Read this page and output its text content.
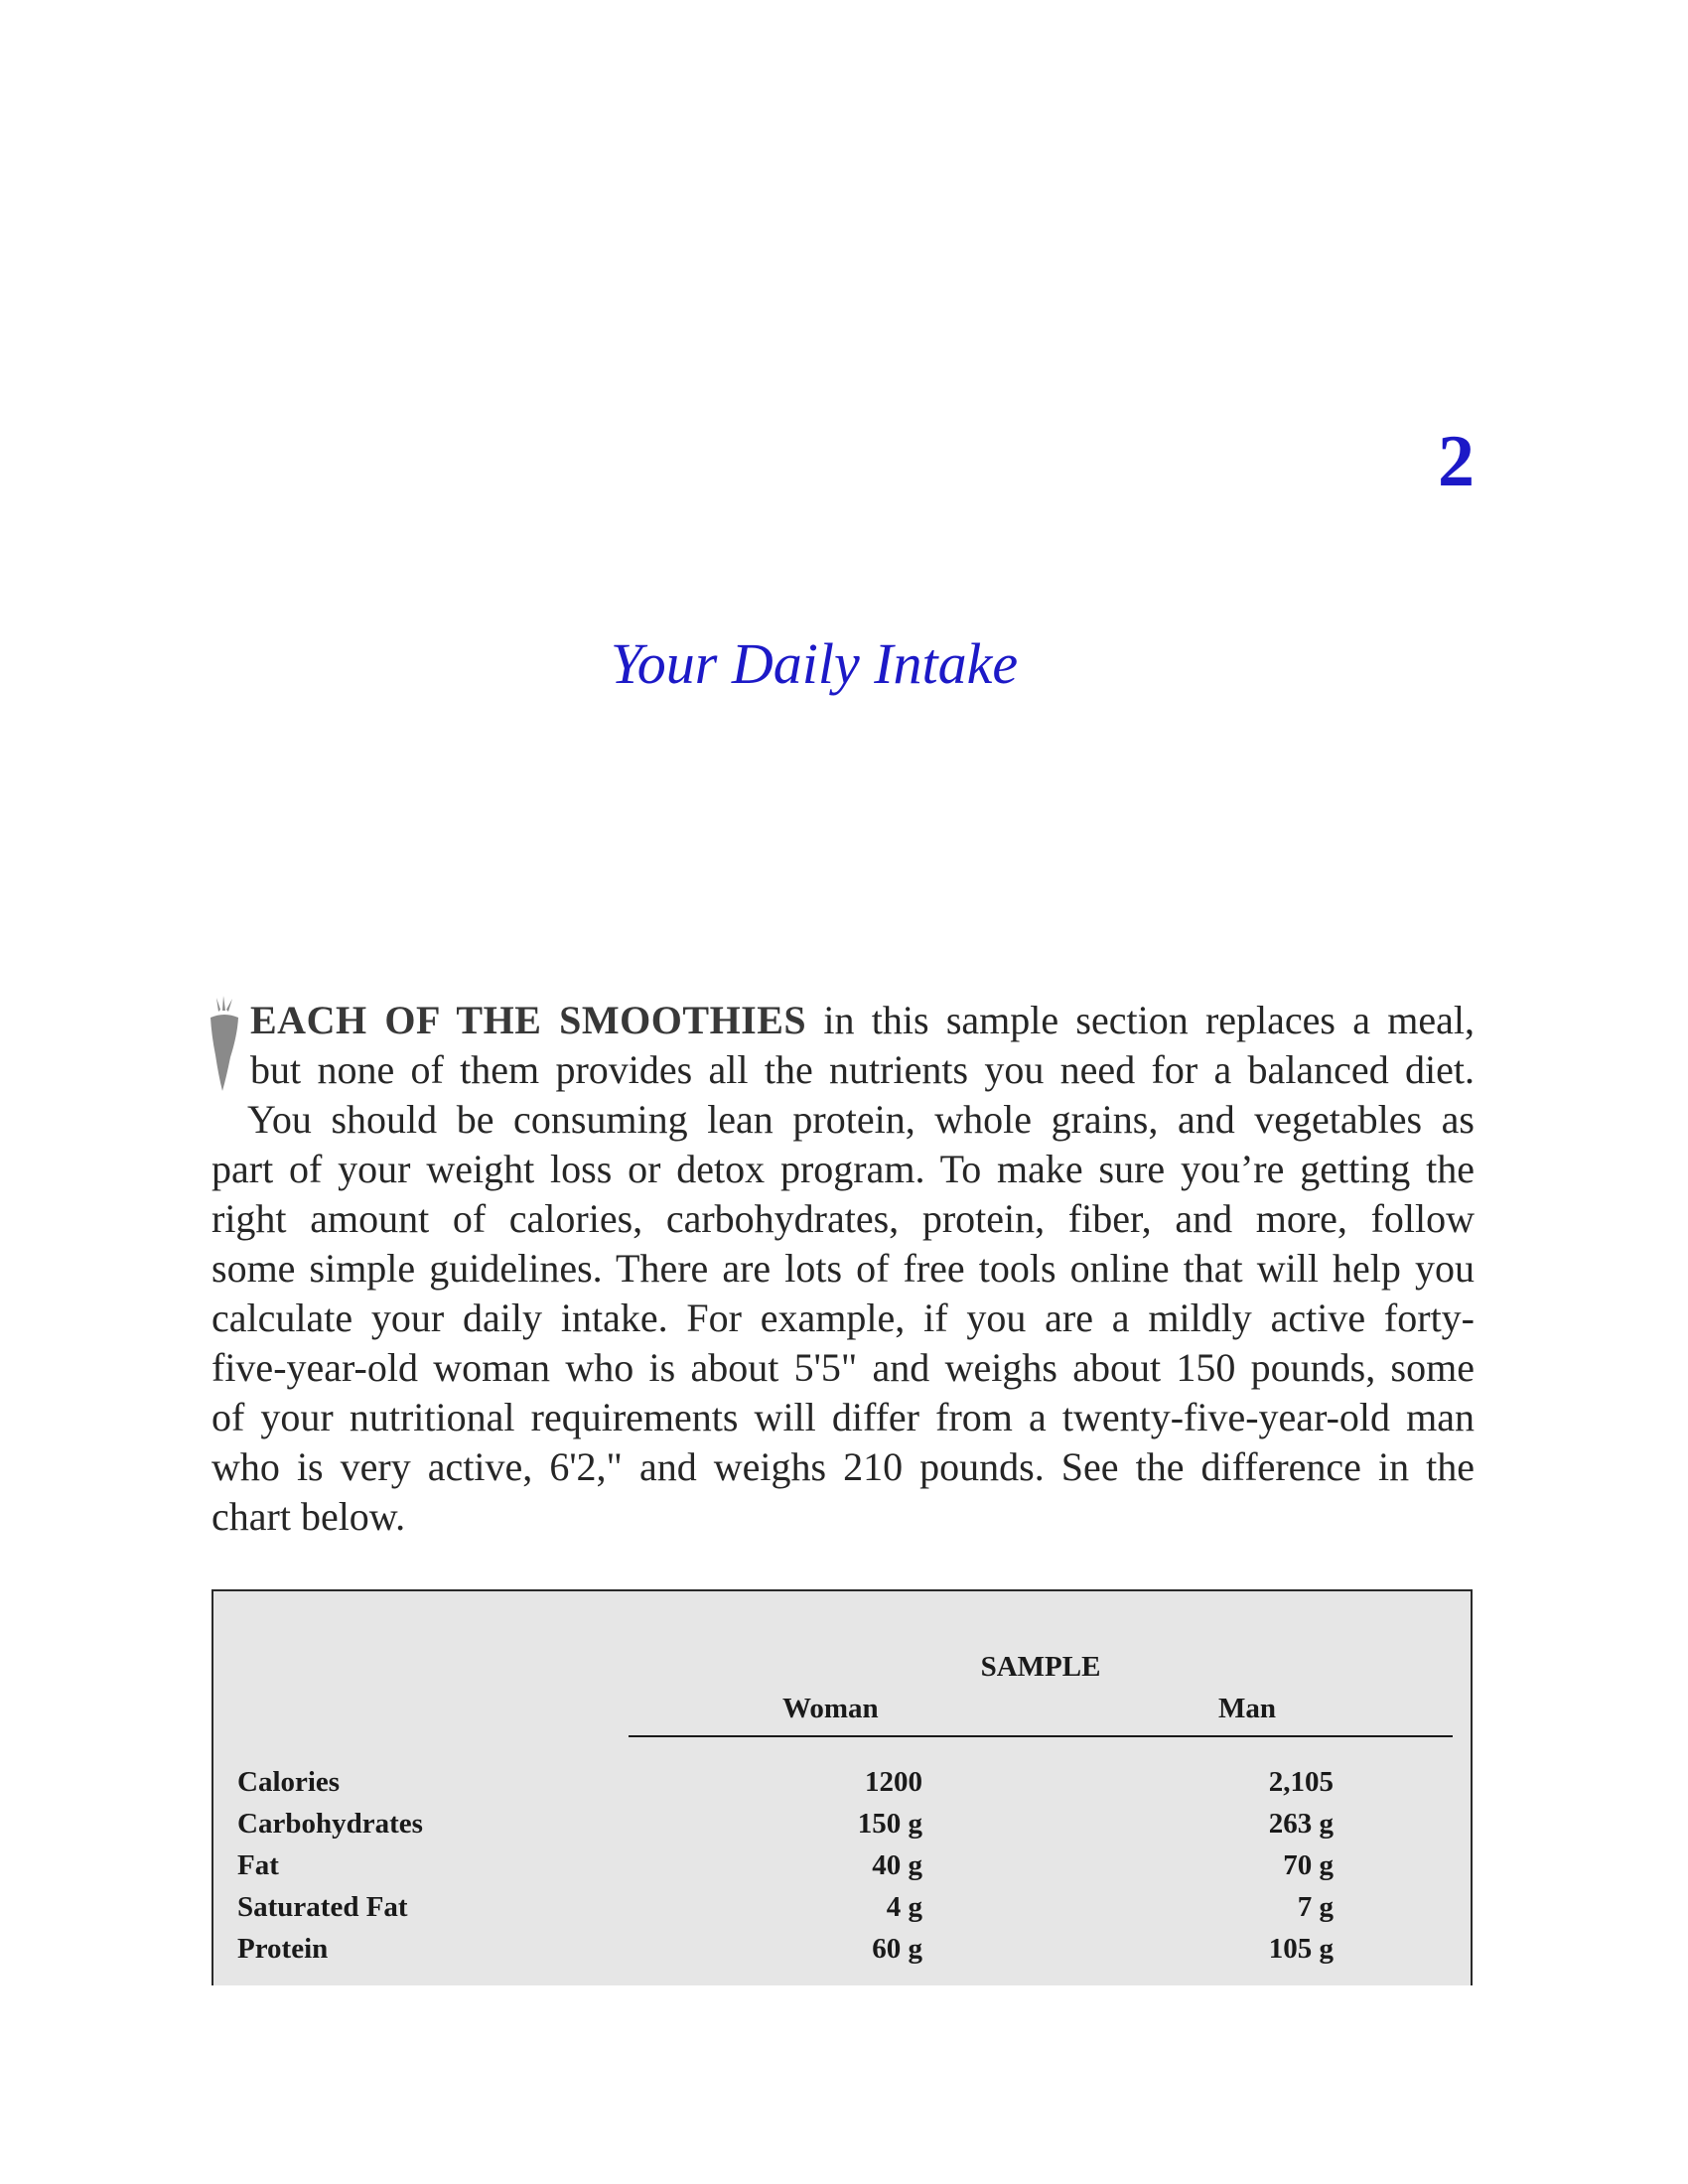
2
Your Daily Intake
EACH OF THE SMOOTHIES in this sample section replaces a meal,
but none of them provides all the nutrients you need for a balanced diet.
You should be consuming lean protein, whole grains, and vegetables as
part of your weight loss or detox program. To make sure you’re getting the
right amount of calories, carbohydrates, protein, fiber, and more, follow
some simple guidelines. There are lots of free tools online that will help you
calculate your daily intake. For example, if you are a mildly active forty-
five-year-old woman who is about 5'5" and weighs about 150 pounds, some
of your nutritional requirements will differ from a twenty-five-year-old man
who is very active, 6'2," and weighs 210 pounds. See the difference in the
chart below.
SAMPLE
Woman	Man
Calories	1200	2,105
Carbohydrates	150 g	263 g
Fat	40 g	70 g
Saturated Fat	4 g	7 g
Protein	60 g	105 g
